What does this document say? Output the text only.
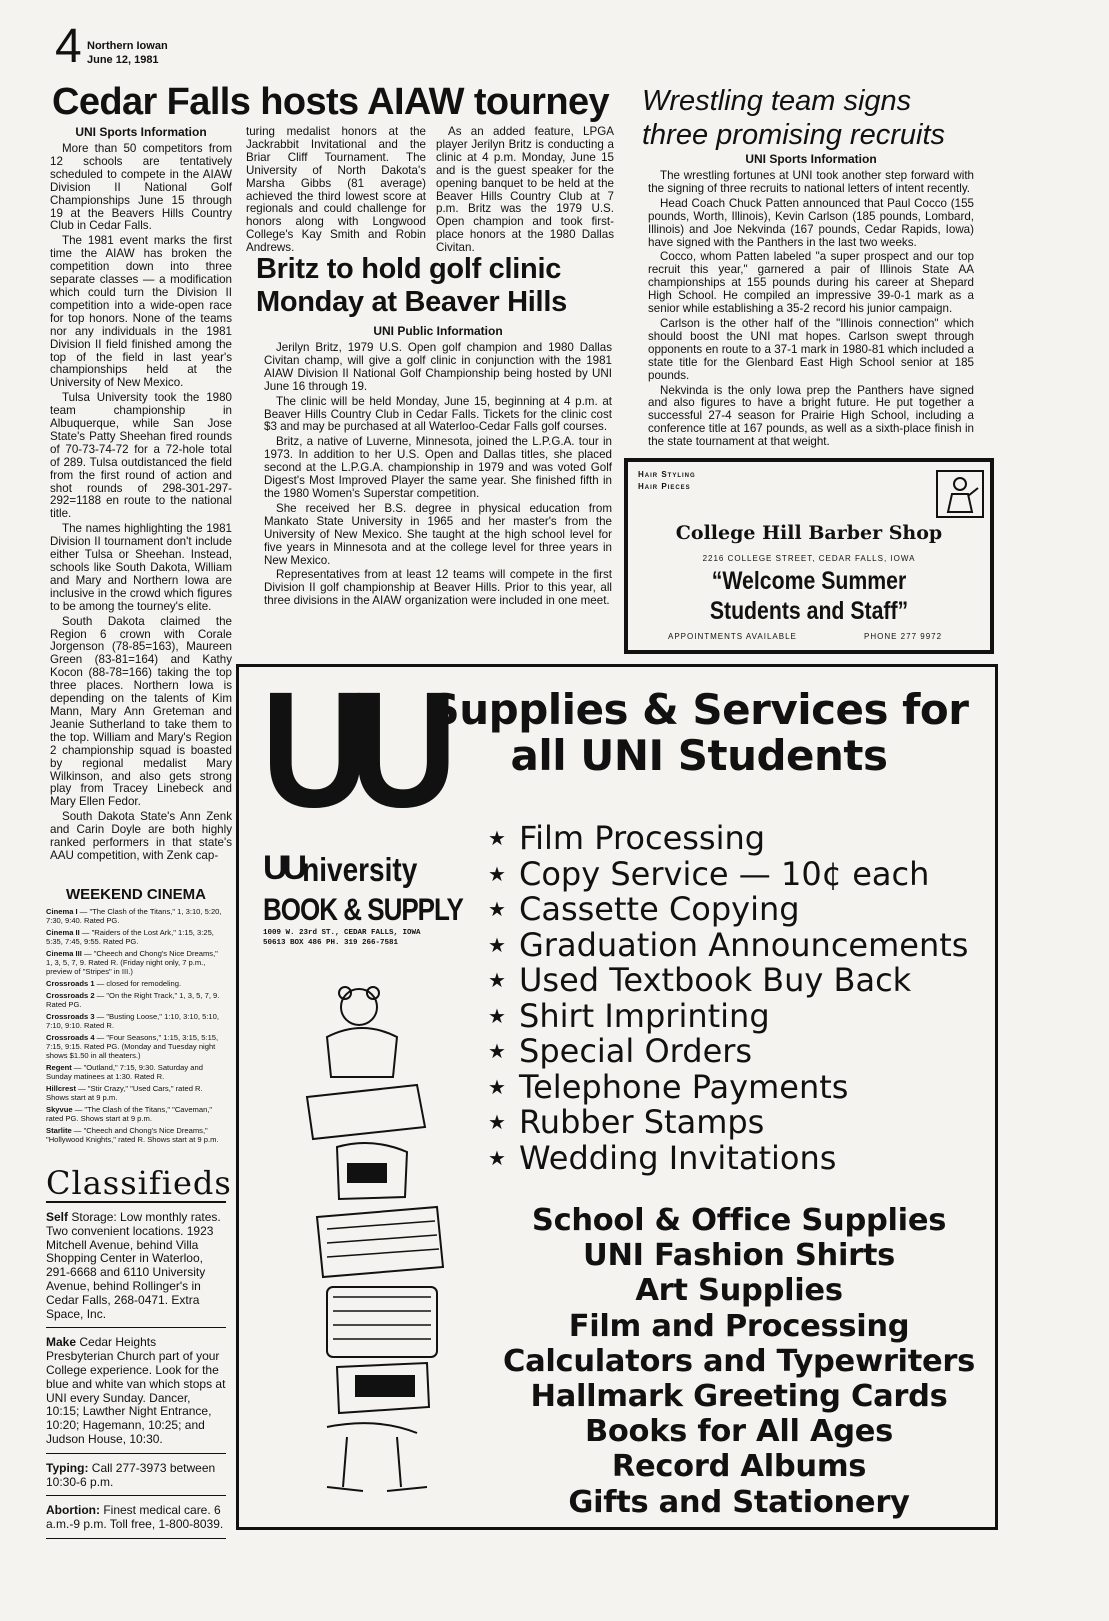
4 Northern Iowan
June 12, 1981
Cedar Falls hosts AIAW tourney

UNI Sports Information

More than 50 competitors from 12 schools are tentatively scheduled to compete in the AIAW Division II National Golf Championships June 15 through 19 at the Beavers Hills Country Club in Cedar Falls.

The 1981 event marks the first time the AIAW has broken the competition down into three separate classes — a modification which could turn the Division II competition into a wide-open race for top honors. None of the teams nor any individuals in the 1981 Division II field finished among the top of the field in last year's championships held at the University of New Mexico.

Tulsa University took the 1980 team championship in Albuquerque, while San Jose State's Patty Sheehan fired rounds of 70-73-74-72 for a 72-hole total of 289. Tulsa outdistanced the field from the first round of action and shot rounds of 298-301-297-292=1188 en route to the national title.

The names highlighting the 1981 Division II tournament don't include either Tulsa or Sheehan. Instead, schools like South Dakota, William and Mary and Northern Iowa are inclusive in the crowd which figures to be among the tourney's elite.

South Dakota claimed the Region 6 crown with Corale Jorgenson (78-85=163), Maureen Green (83-81=164) and Kathy Kocon (88-78=166) taking the top three places. Northern Iowa is depending on the talents of Kim Mann, Mary Ann Greteman and Jeanie Sutherland to take them to the top. William and Mary's Region 2 championship squad is boasted by regional medalist Mary Wilkinson, and also gets strong play from Tracey Linebeck and Mary Ellen Fedor.

South Dakota State's Ann Zenk and Carin Doyle are both highly ranked performers in that state's AAU competition, with Zenk cap-

turing medalist honors at the Jackrabbit Invitational and the Briar Cliff Tournament. The University of North Dakota's Marsha Gibbs (81 average) achieved the third lowest score at regionals and could challenge for honors along with Longwood College's Kay Smith and Robin Andrews.

As an added feature, LPGA player Jerilyn Britz is conducting a clinic at 4 p.m. Monday, June 15 and is the guest speaker for the opening banquet to be held at the Beaver Hills Country Club at 7 p.m. Britz was the 1979 U.S. Open champion and took first-place honors at the 1980 Dallas Civitan.

Britz to hold golf clinic
Monday at Beaver Hills

UNI Public Information

Jerilyn Britz, 1979 U.S. Open golf champion and 1980 Dallas Civitan champ, will give a golf clinic in conjunction with the 1981 AIAW Division II National Golf Championship being hosted by UNI June 16 through 19.

The clinic will be held Monday, June 15, beginning at 4 p.m. at Beaver Hills Country Club in Cedar Falls. Tickets for the clinic cost $3 and may be purchased at all Waterloo-Cedar Falls golf courses.

Britz, a native of Luverne, Minnesota, joined the L.P.G.A. tour in 1973. In addition to her U.S. Open and Dallas titles, she placed second at the L.P.G.A. championship in 1979 and was voted Golf Digest's Most Improved Player the same year. She finished fifth in the 1980 Women's Superstar competition.

She received her B.S. degree in physical education from Mankato State University in 1965 and her master's from the University of New Mexico. She taught at the high school level for five years in Minnesota and at the college level for three years in New Mexico.

Representatives from at least 12 teams will compete in the first Division II golf championship at Beaver Hills. Prior to this year, all three divisions in the AIAW organization were included in one meet.

Wrestling team signs
three promising recruits

UNI Sports Information

The wrestling fortunes at UNI took another step forward with the signing of three recruits to national letters of intent recently.

Head Coach Chuck Patten announced that Paul Cocco (155 pounds, Worth, Illinois), Kevin Carlson (185 pounds, Lombard, Illinois) and Joe Nekvinda (167 pounds, Cedar Rapids, Iowa) have signed with the Panthers in the last two weeks.

Cocco, whom Patten labeled "a super prospect and our top recruit this year," garnered a pair of Illinois State AA championships at 155 pounds during his career at Shepard High School. He compiled an impressive 39-0-1 mark as a senior while establishing a 35-2 record his junior campaign.

Carlson is the other half of the "Illinois connection" which should boost the UNI mat hopes. Carlson swept through opponents en route to a 37-1 mark in 1980-81 which included a state title for the Glenbard East High School senior at 185 pounds.

Nekvinda is the only Iowa prep the Panthers have signed and also figures to have a bright future. He put together a successful 27-4 season for Prairie High School, including a conference title at 167 pounds, as well as a sixth-place finish in the state tournament at that weight.

Hair Styling
Hair Pieces
College Hill Barber Shop
2216 COLLEGE STREET, CEDAR FALLS, IOWA
“Welcome Summer
Students and Staff”
APPOINTMENTS AVAILABLE	PHONE 277 9972
WEEKEND CINEMA

Cinema I — "The Clash of the Titans," 1, 3:10, 5:20, 7:30, 9:40. Rated PG.

Cinema II — "Raiders of the Lost Ark," 1:15, 3:25, 5:35, 7:45, 9:55. Rated PG.

Cinema III — "Cheech and Chong's Nice Dreams," 1, 3, 5, 7, 9. Rated R. (Friday night only, 7 p.m., preview of "Stripes" in III.)

Crossroads 1 — closed for remodeling.

Crossroads 2 — "On the Right Track," 1, 3, 5, 7, 9. Rated PG.

Crossroads 3 — "Busting Loose," 1:10, 3:10, 5:10, 7:10, 9:10. Rated R.

Crossroads 4 — "Four Seasons," 1:15, 3:15, 5:15, 7:15, 9:15. Rated PG. (Monday and Tuesday night shows $1.50 in all theaters.)

Regent — "Outland," 7:15, 9:30. Saturday and Sunday matinees at 1:30. Rated R.

Hillcrest — "Stir Crazy," "Used Cars," rated R. Shows start at 9 p.m.

Skyvue — "The Clash of the Titans," "Caveman," rated PG. Shows start at 9 p.m.

Starlite — "Cheech and Chong's Nice Dreams," "Hollywood Knights," rated R. Shows start at 9 p.m.

Classifieds

Self Storage: Low monthly rates. Two convenient locations. 1923 Mitchell Avenue, behind Villa Shopping Center in Waterloo, 291-6668 and 6110 University Avenue, behind Rollinger's in Cedar Falls, 268-0471. Extra Space, Inc.

Make Cedar Heights Presbyterian Church part of your College experience. Look for the blue and white van which stops at UNI every Sunday. Dancer, 10:15; Lawther Night Entrance, 10:20; Hagemann, 10:25; and Judson House, 10:30.

Typing: Call 277-3973 between 10:30-6 p.m.

Abortion: Finest medical care. 6 a.m.-9 p.m. Toll free, 1-800-8039.

Supplies & Services for
all UNI Students
UU
UUniversity
BOOK & SUPPLY
1009 W. 23rd ST., CEDAR FALLS, IOWA
50613 BOX 486 PH. 319 266-7581
★ Film Processing
★ Copy Service — 10¢ each
★ Cassette Copying
★ Graduation Announcements
★ Used Textbook Buy Back
★ Shirt Imprinting
★ Special Orders
★ Telephone Payments
★ Rubber Stamps
★ Wedding Invitations
School & Office Supplies
UNI Fashion Shirts
Art Supplies
Film and Processing
Calculators and Typewriters
Hallmark Greeting Cards
Books for All Ages
Record Albums
Gifts and Stationery
